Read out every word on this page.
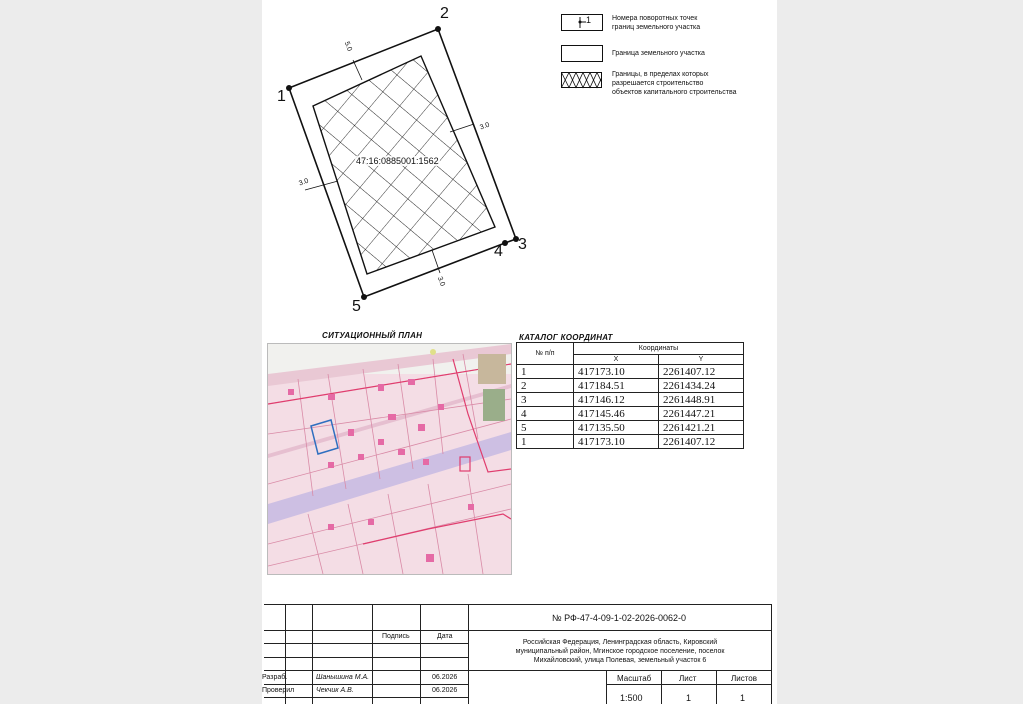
1
2
3
4
5
47:16:0885001:1562
5.0
3.0
3.0
3.0
1	Номера поворотных точек
границ земельного участка
Граница земельного участка
Границы, в пределах которых
разрешается строительство
объектов капитального строительства
СИТУАЦИОННЫЙ ПЛАН	КАТАЛОГ КООРДИНАТ
№ п/п	Координаты	
	X	Y
1	417173.10	2261407.12
2	417184.51	2261434.24
3	417146.12	2261448.91
4	417145.46	2261447.21
5	417135.50	2261421.21
1	417173.10	2261407.12
№ РФ-47-4-09-1-02-2026-0062-0
Российская Федерация, Ленинградская область, Кировский
муниципальный район, Мгинское городское поселение, поселок
Михайловский, улица Полевая, земельный участок 6
Подпись	Дата
Разраб.	Шанышина М.А.	06.2026
Проверил	Чекчик А.В.	06.2026
Масштаб	Лист	Листов
1:500	1	1
